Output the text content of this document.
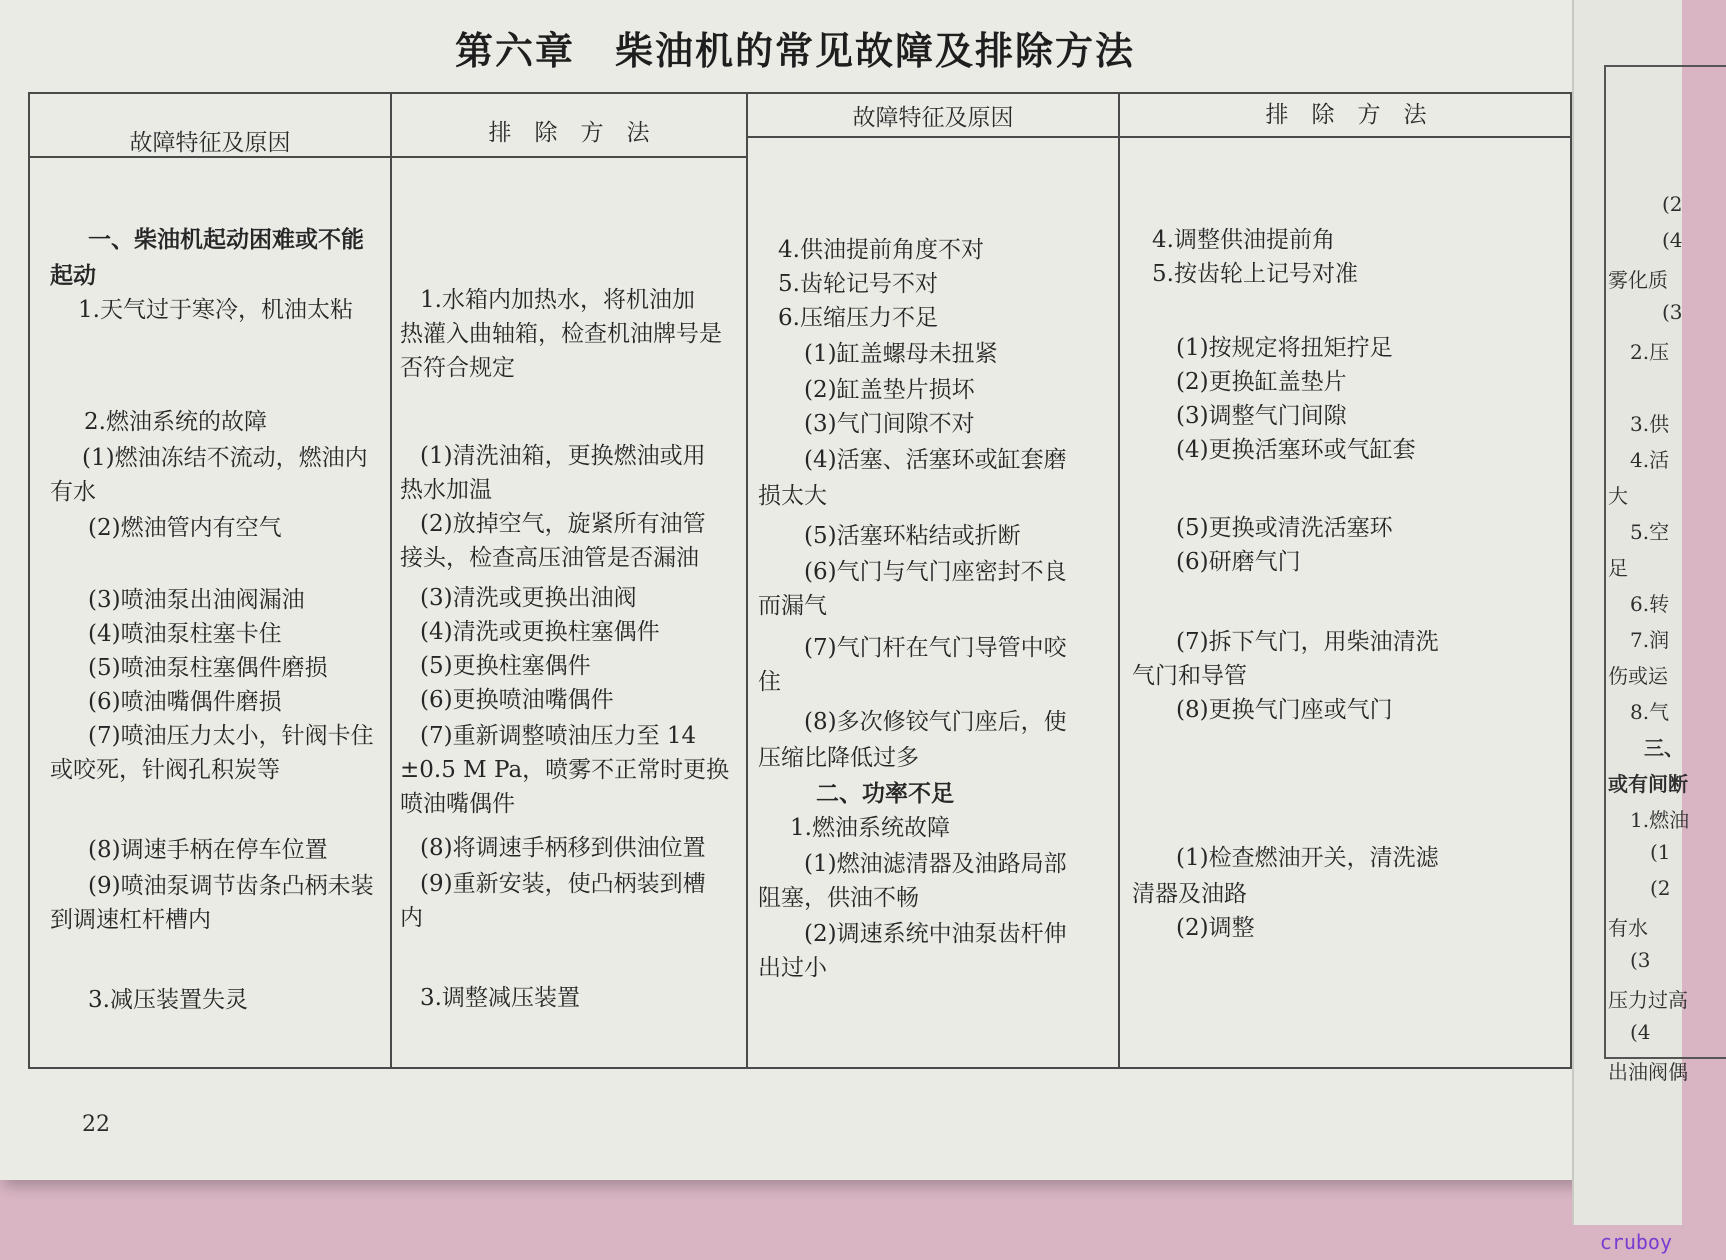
第六章　柴油机的常见故障及排除方法
故障特征及原因	排　除　方　法
故障特征及原因	排　除　方　法
一、柴油机起动困难或不能
起动
1.天气过于寒冷，机油太粘
2.燃油系统的故障
(1)燃油冻结不流动，燃油内
有水
(2)燃油管内有空气
(3)喷油泵出油阀漏油
(4)喷油泵柱塞卡住
(5)喷油泵柱塞偶件磨损
(6)喷油嘴偶件磨损
(7)喷油压力太小，针阀卡住
或咬死，针阀孔积炭等
(8)调速手柄在停车位置
(9)喷油泵调节齿条凸柄未装
到调速杠杆槽内
3.减压装置失灵
1.水箱内加热水，将机油加
热灌入曲轴箱，检查机油牌号是
否符合规定
(1)清洗油箱，更换燃油或用
热水加温
(2)放掉空气，旋紧所有油管
接头，检查高压油管是否漏油
(3)清洗或更换出油阀
(4)清洗或更换柱塞偶件
(5)更换柱塞偶件
(6)更换喷油嘴偶件
(7)重新调整喷油压力至 14
±0.5 M Pa，喷雾不正常时更换
喷油嘴偶件
(8)将调速手柄移到供油位置
(9)重新安装，使凸柄装到槽
内
3.调整减压装置
4.供油提前角度不对
5.齿轮记号不对
6.压缩压力不足
(1)缸盖螺母未扭紧
(2)缸盖垫片损坏
(3)气门间隙不对
(4)活塞、活塞环或缸套磨
损太大
(5)活塞环粘结或折断
(6)气门与气门座密封不良
而漏气
(7)气门杆在气门导管中咬
住
(8)多次修铰气门座后，使
压缩比降低过多
二、功率不足
1.燃油系统故障
(1)燃油滤清器及油路局部
阻塞，供油不畅
(2)调速系统中油泵齿杆伸
出过小
4.调整供油提前角
5.按齿轮上记号对准
(1)按规定将扭矩拧足
(2)更换缸盖垫片
(3)调整气门间隙
(4)更换活塞环或气缸套
(5)更换或清洗活塞环
(6)研磨气门
(7)拆下气门，用柴油清洗
气门和导管
(8)更换气门座或气门
(1)检查燃油开关，清洗滤
清器及油路
(2)调整
22
(2
(4
雾化质
(3
2.压
3.供
4.活
大
5.空
足
6.转
7.润
伤或运
8.气
三、
或有间断
1.燃油
(1
(2
有水
(3
压力过高
(4
出油阀偶
cruboy
